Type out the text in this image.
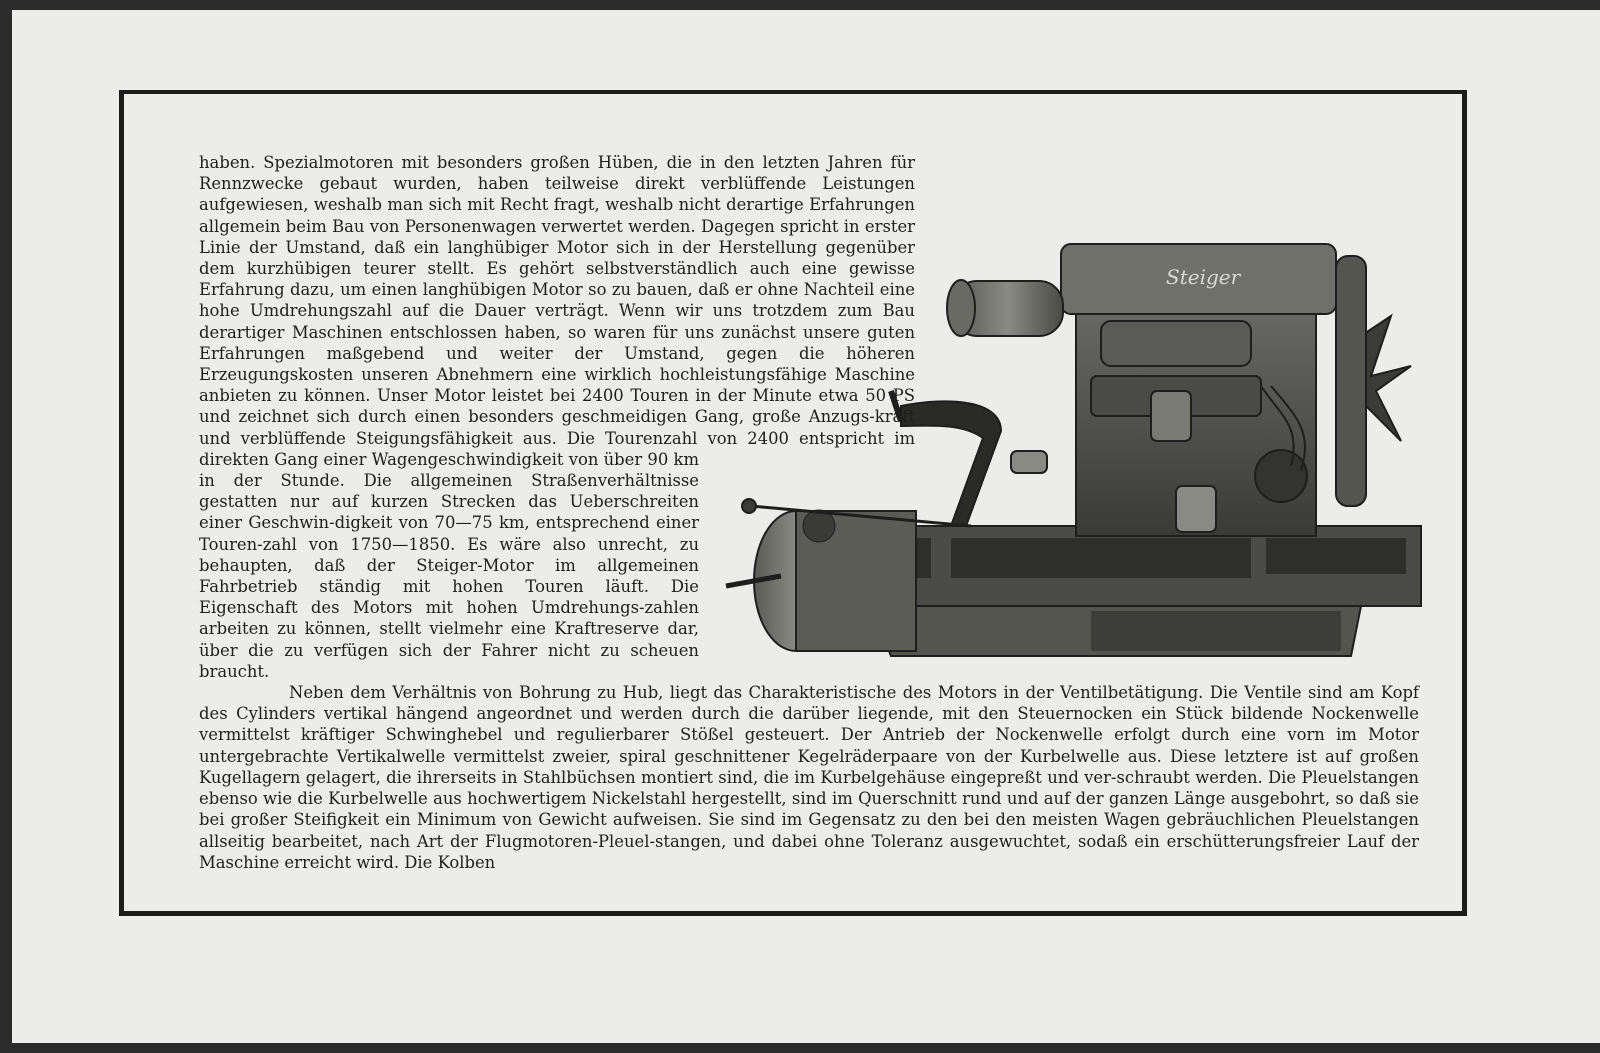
Steiger

haben. Spezialmotoren mit besonders großen Hüben, die in den letzten Jahren für Rennzwecke gebaut wurden, haben teilweise direkt verblüffende Leistungen aufgewiesen, weshalb man sich mit Recht fragt, weshalb nicht derartige Erfahrungen allgemein beim Bau von Personenwagen verwertet werden. Dagegen spricht in erster Linie der Umstand, daß ein langhübiger Motor sich in der Herstellung gegenüber dem kurzhübigen teurer stellt. Es gehört selbstverständlich auch eine gewisse Erfahrung dazu, um einen langhübigen Motor so zu bauen, daß er ohne Nachteil eine hohe Umdrehungszahl auf die Dauer verträgt. Wenn wir uns trotzdem zum Bau derartiger Maschinen entschlossen haben, so waren für uns zunächst unsere guten Erfahrungen maßgebend und weiter der Umstand, gegen die höheren Erzeugungskosten unseren Abnehmern eine wirklich hochleistungsfähige Maschine anbieten zu können. Unser Motor leistet bei 2400 Touren in der Minute etwa 50 PS und zeichnet sich durch einen besonders geschmeidigen Gang, große Anzugs-kraft und verblüffende Steigungsfähigkeit aus. Die Tourenzahl von 2400 entspricht im direkten Gang einer Wagengeschwindigkeit von über 90 km in der Stunde. Die allgemeinen Straßenverhältnisse gestatten nur auf kurzen Strecken das Ueberschreiten einer Geschwin-digkeit von 70—75 km, entsprechend einer Touren-zahl von 1750—1850. Es wäre also unrecht, zu behaupten, daß der Steiger-Motor im allgemeinen Fahrbetrieb ständig mit hohen Touren läuft. Die Eigenschaft des Motors mit hohen Umdrehungs-zahlen arbeiten zu können, stellt vielmehr eine Kraftreserve dar, über die zu verfügen sich der Fahrer nicht zu scheuen braucht.

Neben dem Verhältnis von Bohrung zu Hub, liegt das Charakteristische des Motors in der Ventilbetätigung. Die Ventile sind am Kopf des Cylinders vertikal hängend angeordnet und werden durch die darüber liegende, mit den Steuernocken ein Stück bildende Nockenwelle vermittelst kräftiger Schwinghebel und regulierbarer Stößel gesteuert. Der Antrieb der Nockenwelle erfolgt durch eine vorn im Motor untergebrachte Vertikalwelle vermittelst zweier, spiral geschnittener Kegelräderpaare von der Kurbelwelle aus. Diese letztere ist auf großen Kugellagern gelagert, die ihrerseits in Stahlbüchsen montiert sind, die im Kurbelgehäuse eingepreßt und ver-schraubt werden. Die Pleuelstangen ebenso wie die Kurbelwelle aus hochwertigem Nickelstahl hergestellt, sind im Querschnitt rund und auf der ganzen Länge ausgebohrt, so daß sie bei großer Steifigkeit ein Minimum von Gewicht aufweisen. Sie sind im Gegensatz zu den bei den meisten Wagen gebräuchlichen Pleuelstangen allseitig bearbeitet, nach Art der Flugmotoren-Pleuel-stangen, und dabei ohne Toleranz ausgewuchtet, sodaß ein erschütterungsfreier Lauf der Maschine erreicht wird. Die Kolben
